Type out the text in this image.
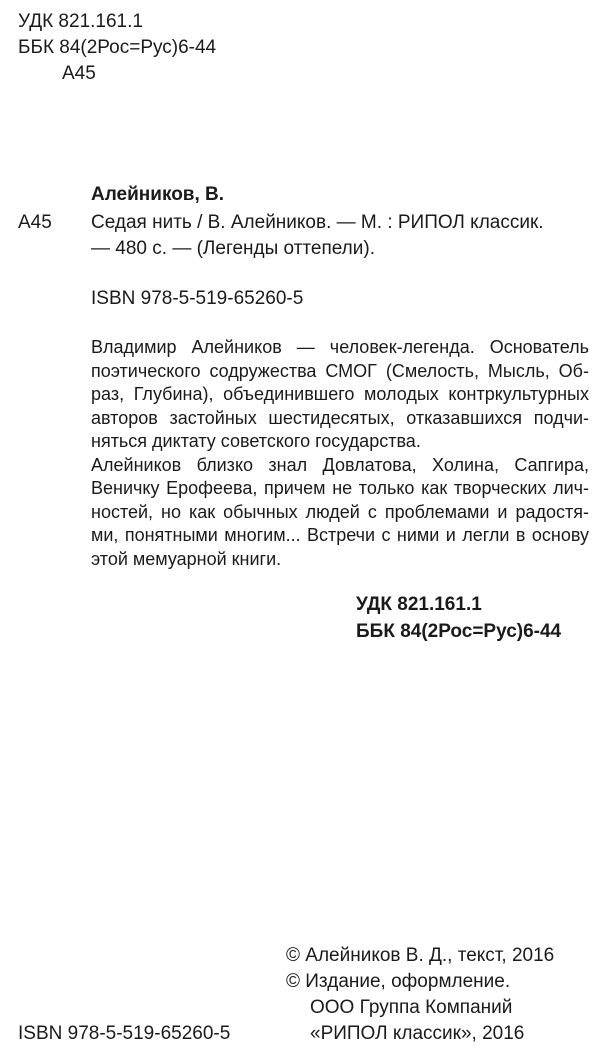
УДК 821.161.1
ББК 84(2Рос=Рус)6-44
А45
Алейников, В.
А45 Седая нить / В. Алейников. — М. : РИПОЛ классик.
— 480 с. — (Легенды оттепели).
ISBN 978-5-519-65260-5
Владимир Алейников — человек-легенда. Основатель
поэтического содружества СМОГ (Смелость, Мысль, Об-
раз, Глубина), объединившего молодых контркультурных
авторов застойных шестидесятых, отказавшихся подчи-
няться диктату советского государства.
Алейников близко знал Довлатова, Холина, Сапгира,
Веничку Ерофеева, причем не только как творческих лич-
ностей, но как обычных людей с проблемами и радостя-
ми, понятными многим... Встречи с ними и легли в основу
этой мемуарной книги.
УДК 821.161.1
ББК 84(2Рос=Рус)6-44
© Алейников В. Д., текст, 2016
© Издание, оформление.
ООО Группа Компаний
«РИПОЛ классик», 2016
ISBN 978-5-519-65260-5
